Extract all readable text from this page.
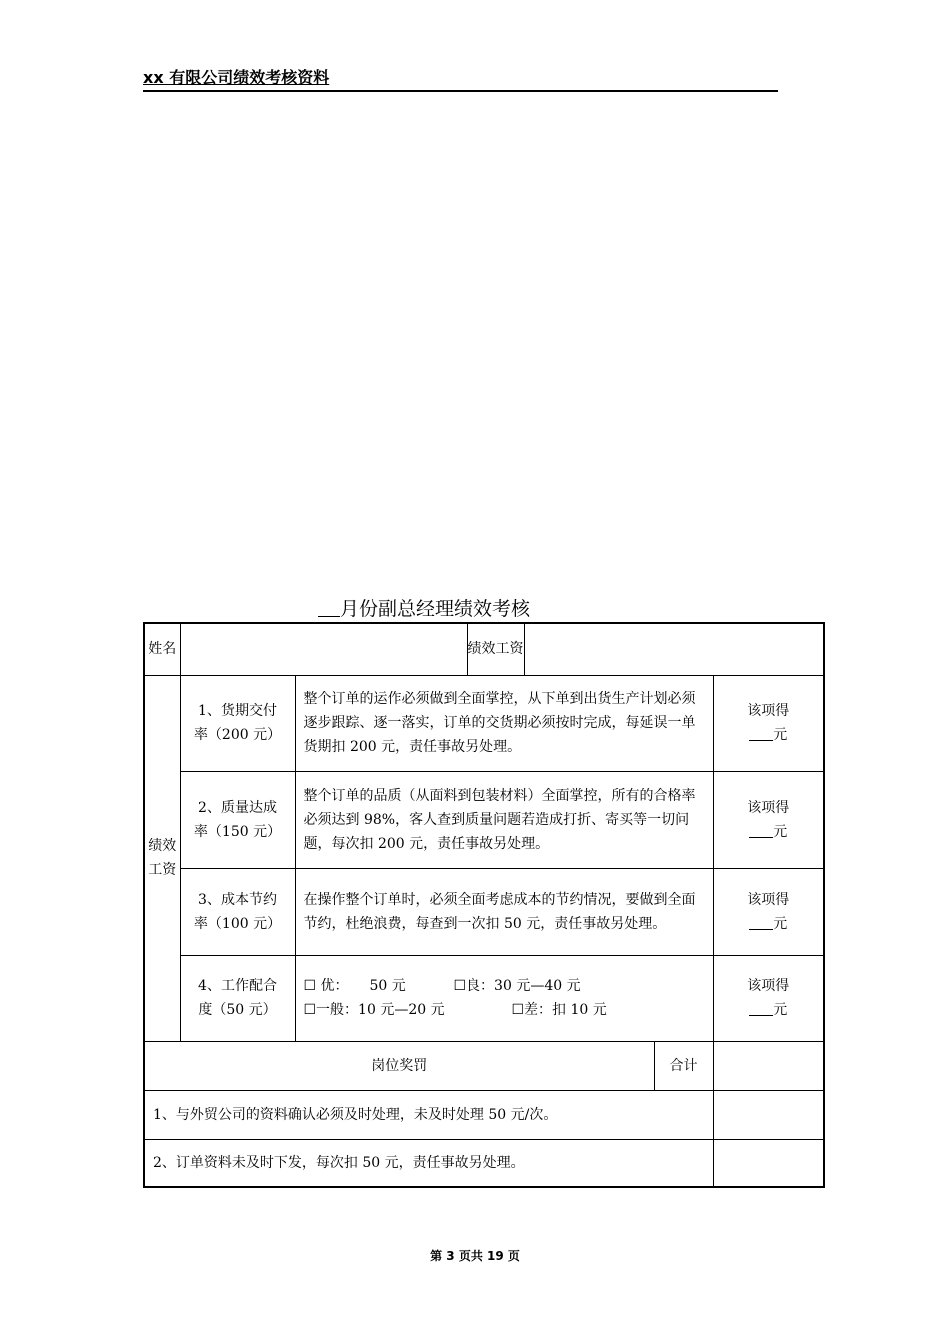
xx 有限公司绩效考核资料
月份副总经理绩效考核
姓名			绩效工资			
绩效工资	1、货期交付
率（200 元）	整个订单的运作必须做到全面掌控，从下单到出货生产计划必须逐步跟踪、逐一落实，订单的交货期必须按时完成，每延误一单货期扣 200 元，责任事故另处理。				该项得
元
	2、质量达成
率（150 元）	整个订单的品质（从面料到包装材料）全面掌控，所有的合格率必须达到 98%，客人查到质量问题若造成打折、寄买等一切问题，每次扣 200 元，责任事故另处理。				该项得
元
	3、成本节约
率（100 元）	在操作整个订单时，必须全面考虑成本的节约情况，要做到全面节约，杜绝浪费，每查到一次扣 50 元，责任事故另处理。				该项得
元
	4、工作配合
度（50 元）	☐ 优：　　50 元 ☐良：30 元—40 元
☐一般：10 元—20 元 ☐差：扣 10 元				该项得
元
岗位奖罚					合计	
1、与外贸公司的资料确认必须及时处理，未及时处理 50 元/次。						
2、订单资料未及时下发，每次扣 50 元，责任事故另处理。						
第 3 页共 19 页
